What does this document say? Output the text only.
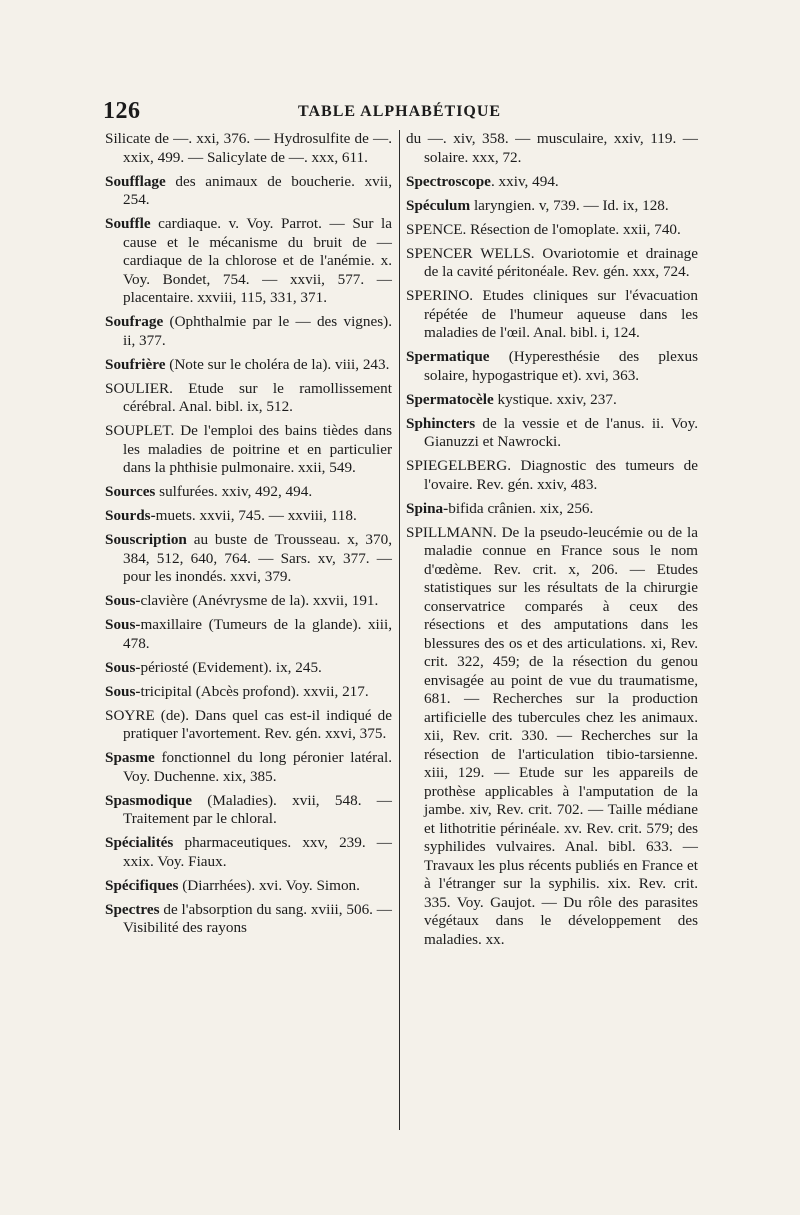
126	TABLE ALPHABÉTIQUE

Silicate de —. xxi, 376. — Hydrosulfite de —. xxix, 499. — Salicylate de —. xxx, 611.

Soufflage des animaux de boucherie. xvii, 254.

Souffle cardiaque. v. Voy. Parrot. — Sur la cause et le mécanisme du bruit de — cardiaque de la chlorose et de l'anémie. x. Voy. Bondet, 754. — xxvii, 577. — placentaire. xxviii, 115, 331, 371.

Soufrage (Ophthalmie par le — des vignes). ii, 377.

Soufrière (Note sur le choléra de la). viii, 243.

SOULIER. Etude sur le ramollissement cérébral. Anal. bibl. ix, 512.

SOUPLET. De l'emploi des bains tièdes dans les maladies de poitrine et en particulier dans la phthisie pulmonaire. xxii, 549.

Sources sulfurées. xxiv, 492, 494.

Sourds-muets. xxvii, 745. — xxviii, 118.

Souscription au buste de Trousseau. x, 370, 384, 512, 640, 764. — Sars. xv, 377. — pour les inondés. xxvi, 379.

Sous-clavière (Anévrysme de la). xxvii, 191.

Sous-maxillaire (Tumeurs de la glande). xiii, 478.

Sous-périosté (Evidement). ix, 245.

Sous-tricipital (Abcès profond). xxvii, 217.

SOYRE (de). Dans quel cas est-il indiqué de pratiquer l'avortement. Rev. gén. xxvi, 375.

Spasme fonctionnel du long péronier latéral. Voy. Duchenne. xix, 385.

Spasmodique (Maladies). xvii, 548. — Traitement par le chloral.

Spécialités pharmaceutiques. xxv, 239. — xxix. Voy. Fiaux.

Spécifiques (Diarrhées). xvi. Voy. Simon.

Spectres de l'absorption du sang. xviii, 506. — Visibilité des rayons

du —. xiv, 358. — musculaire, xxiv, 119. — solaire. xxx, 72.

Spectroscope. xxiv, 494.

Spéculum laryngien. v, 739. — Id. ix, 128.

SPENCE. Résection de l'omoplate. xxii, 740.

SPENCER WELLS. Ovariotomie et drainage de la cavité péritonéale. Rev. gén. xxx, 724.

SPERINO. Etudes cliniques sur l'évacuation répétée de l'humeur aqueuse dans les maladies de l'œil. Anal. bibl. i, 124.

Spermatique (Hyperesthésie des plexus solaire, hypogastrique et). xvi, 363.

Spermatocèle kystique. xxiv, 237.

Sphincters de la vessie et de l'anus. ii. Voy. Gianuzzi et Nawrocki.

SPIEGELBERG. Diagnostic des tumeurs de l'ovaire. Rev. gén. xxiv, 483.

Spina-bifida crânien. xix, 256.

SPILLMANN. De la pseudo-leucémie ou de la maladie connue en France sous le nom d'œdème. Rev. crit. x, 206. — Etudes statistiques sur les résultats de la chirurgie conservatrice comparés à ceux des résections et des amputations dans les blessures des os et des articulations. xi, Rev. crit. 322, 459; de la résection du genou envisagée au point de vue du traumatisme, 681. — Recherches sur la production artificielle des tubercules chez les animaux. xii, Rev. crit. 330. — Recherches sur la résection de l'articulation tibio-tarsienne. xiii, 129. — Etude sur les appareils de prothèse applicables à l'amputation de la jambe. xiv, Rev. crit. 702. — Taille médiane et lithotritie périnéale. xv. Rev. crit. 579; des syphilides vulvaires. Anal. bibl. 633. — Travaux les plus récents publiés en France et à l'étranger sur la syphilis. xix. Rev. crit. 335. Voy. Gaujot. — Du rôle des parasites végétaux dans le développement des maladies. xx.
